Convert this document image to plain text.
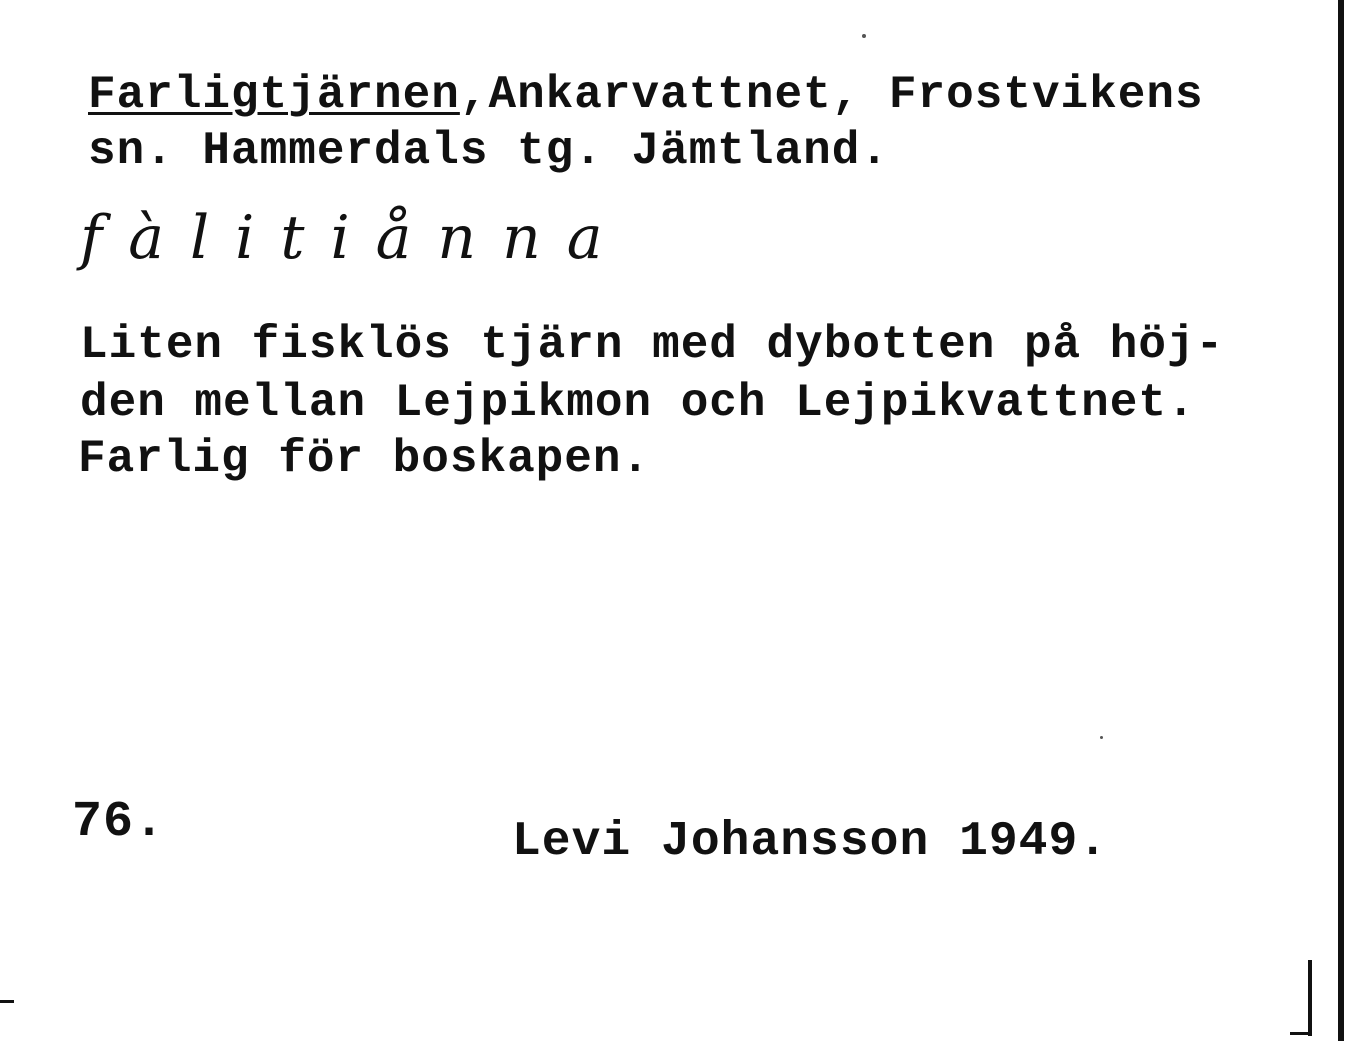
Farligtjärnen,Ankarvattnet, Frostvikens
sn. Hammerdals tg. Jämtland.
fàlitiånna
Liten fisklös tjärn med dybotten på höj-
den mellan Lejpikmon och Lejpikvattnet.
Farlig för boskapen.
76.	Levi Johansson 1949.
